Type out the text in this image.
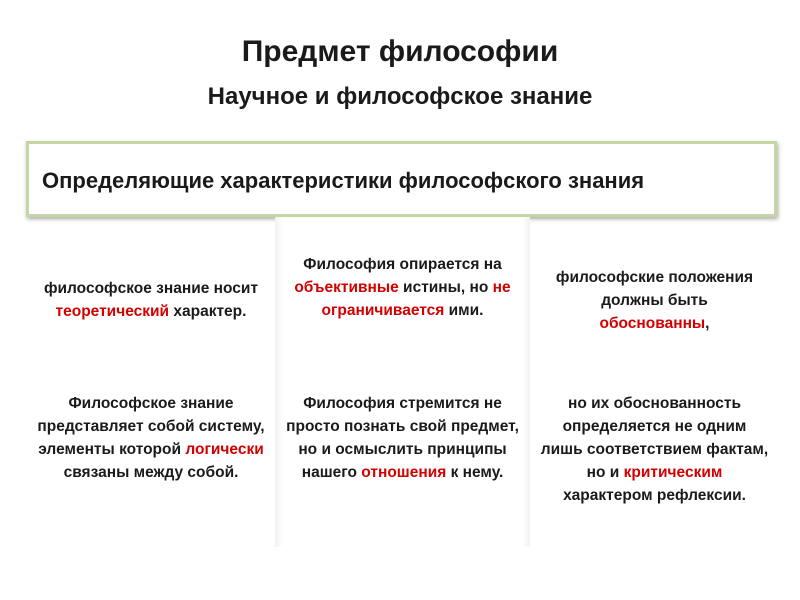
Предмет философии
Научное и философское знание
Определяющие характеристики философского знания
философское знание носит теоретический характер.
Философия опирается на объективные истины, но не ограничивается ими.
философские положения должны быть обоснованны,
Философское знание представляет собой систему, элементы которой логически связаны между собой.
Философия стремится не просто познать свой предмет, но и осмыслить принципы нашего отношения к нему.
но их обоснованность определяется не одним лишь соответствием фактам, но и критическим характером рефлексии.
